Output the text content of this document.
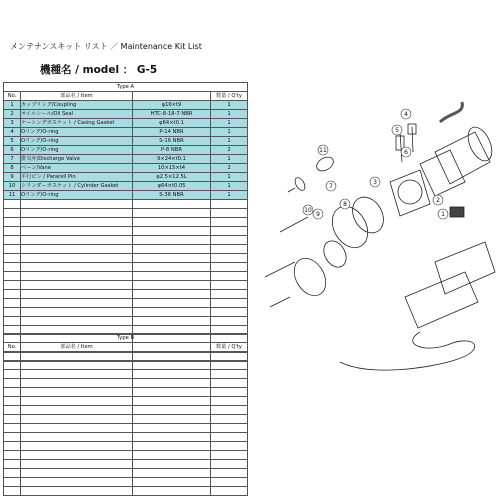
メンテナンスキット リスト ／ Maintenance Kit List
機種名 / model ： G-5
Type A			
No.	部品名 / Item		数量 / Q'ty
1	カップリング/Coupling	φ16×t9	1
2	オイルシール/Oil Seal	HTC-8-18-7 NBR	1
3	ケーシングガスケット / Casing Gasket	φ64×t0.1	1
4	Oリング/O-ring	P-14 NBR	1
5	Oリング/O-ring	S-16 NBR	1
6	Oリング/O-ring	P-8 NBR	2
7	排気弁/Discharge Valve	9×24×t0.1	1
8	ベーン/Vane	10×15×t4	2
9	平行ピン / Pararell Pin	φ2.5×12.5L	1
10	シリンダーガスケット / Cylinder Gasket	φ64×t0.05	1
11	Oリング/O-ring	S-36 NBR	1

Type B			
No.	部品名 / Item		数量 / Q'ty

1
2
3
4
5
6
7
8
9
10
11
